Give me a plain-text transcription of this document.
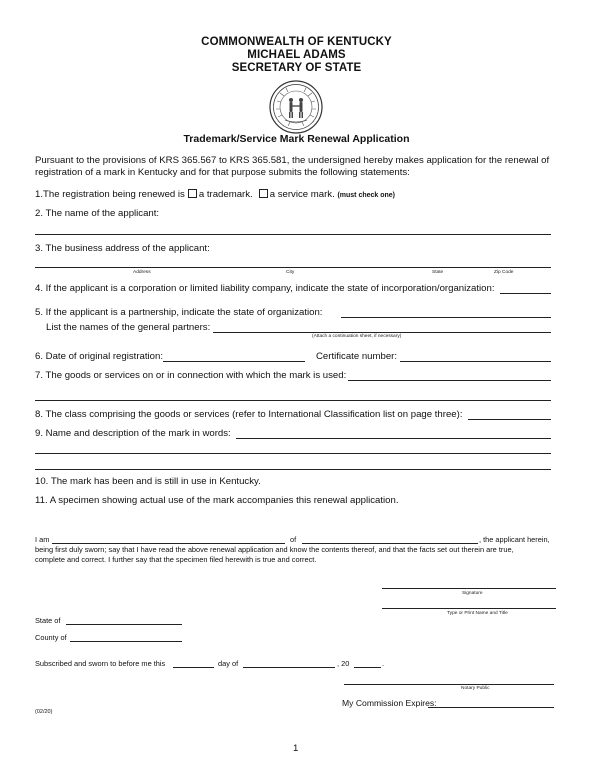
COMMONWEALTH OF KENTUCKY
MICHAEL ADAMS
SECRETARY OF STATE
Trademark/Service Mark Renewal Application
Pursuant to the provisions of KRS 365.567 to KRS 365.581, the undersigned hereby makes application for the renewal of
registration of a mark in Kentucky and for that purpose submits the following statements:
1.The registration being renewed is a trademark. a service mark. (must check one)
2. The name of the applicant:
3. The business address of the applicant:
Address	City	State	Zip Code
4. If the applicant is a corporation or limited liability company, indicate the state of incorporation/organization:
5. If the applicant is a partnership, indicate the state of organization:
List the names of the general partners:
(Attach a continuation sheet, if necessary)
6. Date of original registration:	Certificate number:
7. The goods or services on or in connection with which the mark is used:
8. The class comprising the goods or services (refer to International Classification list on page three):
9. Name and description of the mark in words:
10. The mark has been and is still in use in Kentucky.
11. A specimen showing actual use of the mark accompanies this renewal application.
I am	of	, the applicant herein,
being first duly sworn; say that I have read the above renewal application and know the contents thereof, and that the facts set out therein are true,
complete and correct. I further say that the specimen filed herewith is true and correct.
Signature
Type or Print Name and Title
State of
County of
Subscribed and sworn to before me this	day of	, 20	.
Notary Public
(02/20)
My Commission Expires:
1
